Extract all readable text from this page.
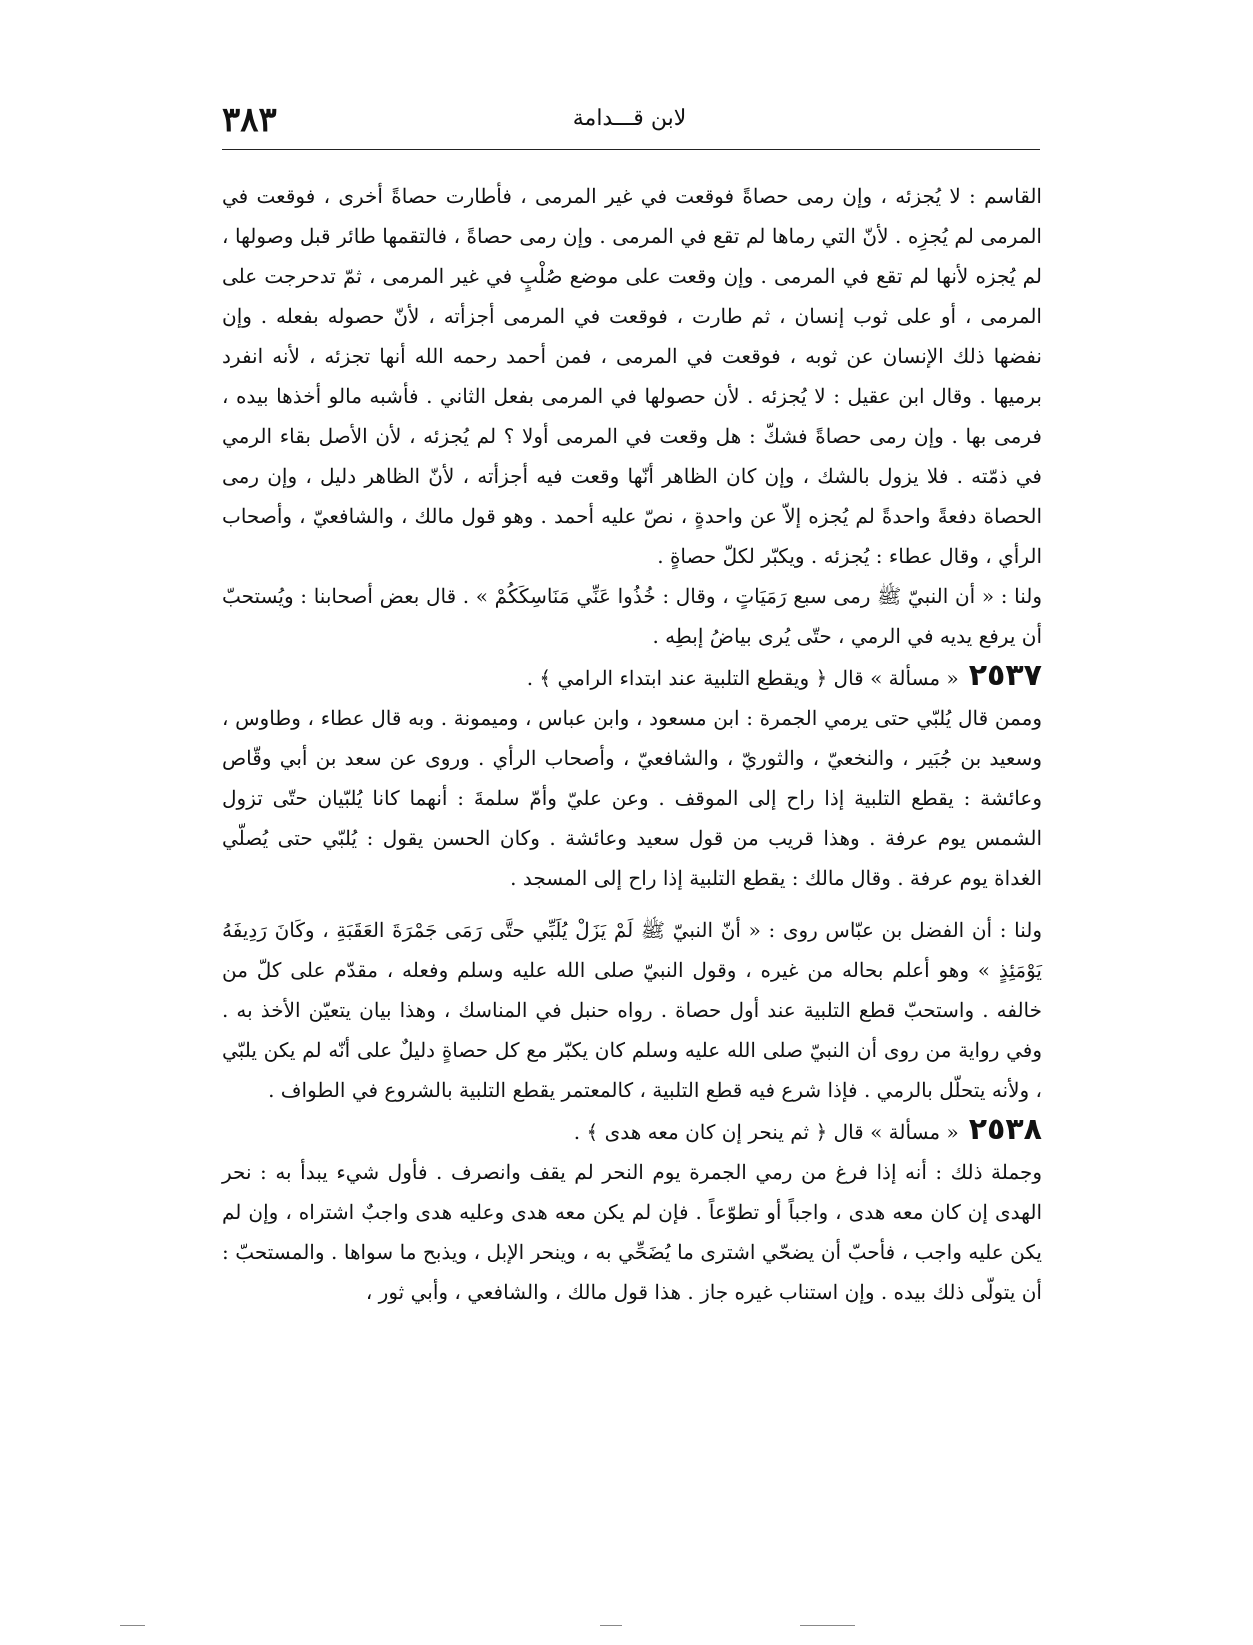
لابن قـــدامة
٣٨٣

القاسم : لا يُجزئه ، وإن رمى حصاةً فوقعت في غير المرمى ، فأطارت حصاةً أخرى ، فوقعت في المرمى لم يُجزِه . لأنّ التي رماها لم تقع في المرمى . وإن رمى حصاةً ، فالتقمها طائر قبل وصولها ، لم يُجزه لأنها لم تقع في المرمى . وإن وقعت على موضع صُلْبٍ في غير المرمى ، ثمّ تدحرجت على المرمى ، أو على ثوب إنسان ، ثم طارت ، فوقعت في المرمى أجزأته ، لأنّ حصوله بفعله . وإن نفضها ذلك الإنسان عن ثوبه ، فوقعت في المرمى ، فمن أحمد رحمه الله أنها تجزئه ، لأنه انفرد برميها . وقال ابن عقيل : لا يُجزئه . لأن حصولها في المرمى بفعل الثاني . فأشبه مالو أخذها بيده ، فرمى بها . وإن رمى حصاةً فشكّ : هل وقعت في المرمى أولا ؟ لم يُجزئه ، لأن الأصل بقاء الرمي في ذمّته . فلا يزول بالشك ، وإن كان الظاهر أنّها وقعت فيه أجزأته ، لأنّ الظاهر دليل ، وإن رمى الحصاة دفعةً واحدةً لم يُجزه إلاّ عن واحدةٍ ، نصّ عليه أحمد . وهو قول مالك ، والشافعيّ ، وأصحاب الرأي ، وقال عطاء : يُجزئه . ويكبّر لكلّ حصاةٍ .

ولنا : « أن النبيّ ﷺ رمى سبع رَمَيَاتٍ ، وقال : خُذُوا عَنِّي مَنَاسِكَكُمْ » . قال بعض أصحابنا : ويُستحبّ أن يرفع يديه في الرمي ، حتّى يُرى بياضُ إبطِه .

٢٥٣٧« مسألة » قال ﴿ ويقطع التلبية عند ابتداء الرامي ﴾ .

وممن قال يُلبّي حتى يرمي الجمرة : ابن مسعود ، وابن عباس ، وميمونة . وبه قال عطاء ، وطاوس ، وسعيد بن جُبَير ، والنخعيّ ، والثوريّ ، والشافعيّ ، وأصحاب الرأي . وروى عن سعد بن أبي وقّاص وعائشة : يقطع التلبية إذا راح إلى الموقف . وعن عليّ وأمّ سلمةَ : أنهما كانا يُلبّيان حتّى تزول الشمس يوم عرفة . وهذا قريب من قول سعيد وعائشة . وكان الحسن يقول : يُلبّي حتى يُصلّي الغداة يوم عرفة . وقال مالك : يقطع التلبية إذا راح إلى المسجد .

ولنا : أن الفضل بن عبّاس روى : « أنّ النبيّ ﷺ لَمْ يَزَلْ يُلَبِّي حتَّى رَمَى جَمْرَةَ العَقَبَةِ ، وكَانَ رَدِيفَهُ يَوْمَئِذٍ » وهو أعلم بحاله من غيره ، وقول النبيّ صلى الله عليه وسلم وفعله ، مقدّم على كلّ من خالفه . واستحبّ قطع التلبية عند أول حصاة . رواه حنبل في المناسك ، وهذا بيان يتعيّن الأخذ به . وفي رواية من روى أن النبيّ صلى الله عليه وسلم كان يكبّر مع كل حصاةٍ دليلٌ على أنّه لم يكن يلبّي ، ولأنه يتحلّل بالرمي . فإذا شرع فيه قطع التلبية ، كالمعتمر يقطع التلبية بالشروع في الطواف .

٢٥٣٨« مسألة » قال ﴿ ثم ينحر إن كان معه هدى ﴾ .

وجملة ذلك : أنه إذا فرغ من رمي الجمرة يوم النحر لم يقف وانصرف . فأول شيء يبدأ به : نحر الهدى إن كان معه هدى ، واجباً أو تطوّعاً . فإن لم يكن معه هدى وعليه هدى واجبٌ اشتراه ، وإن لم يكن عليه واجب ، فأحبّ أن يضحّي اشترى ما يُضَحِّي به ، وينحر الإبل ، ويذبح ما سواها . والمستحبّ : أن يتولّى ذلك بيده . وإن استناب غيره جاز . هذا قول مالك ، والشافعي ، وأبي ثور ،
